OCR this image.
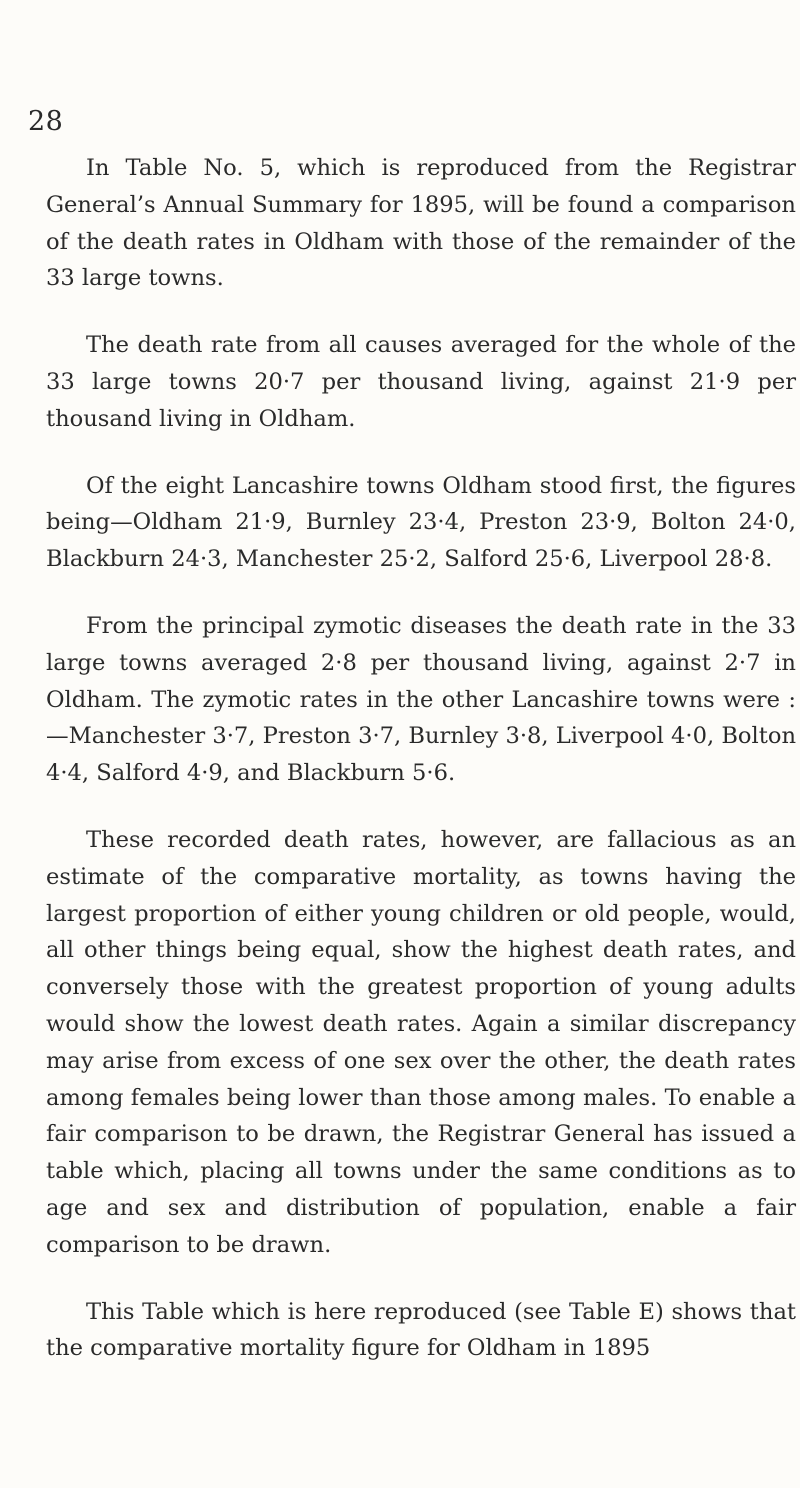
28

In Table No. 5, which is reproduced from the Registrar General’s Annual Summary for 1895, will be found a comparison of the death rates in Oldham with those of the remainder of the 33 large towns.

The death rate from all causes averaged for the whole of the 33 large towns 20·7 per thousand living, against 21·9 per thousand living in Oldham.

Of the eight Lancashire towns Oldham stood first, the figures being—Oldham 21·9, Burnley 23·4, Preston 23·9, Bolton 24·0, Blackburn 24·3, Manchester 25·2, Salford 25·6, Liverpool 28·8.

From the principal zymotic diseases the death rate in the 33 large towns averaged 2·8 per thousand living, against 2·7 in Oldham. The zymotic rates in the other Lancashire towns were :—Manchester 3·7, Preston 3·7, Burnley 3·8, Liverpool 4·0, Bolton 4·4, Salford 4·9, and Blackburn 5·6.

These recorded death rates, however, are fallacious as an estimate of the comparative mortality, as towns having the largest proportion of either young children or old people, would, all other things being equal, show the highest death rates, and conversely those with the greatest proportion of young adults would show the lowest death rates. Again a similar discrepancy may arise from excess of one sex over the other, the death rates among females being lower than those among males. To enable a fair comparison to be drawn, the Registrar General has issued a table which, placing all towns under the same conditions as to age and sex and distribution of population, enable a fair comparison to be drawn.

This Table which is here reproduced (see Table E) shows that the comparative mortality figure for Oldham in 1895
